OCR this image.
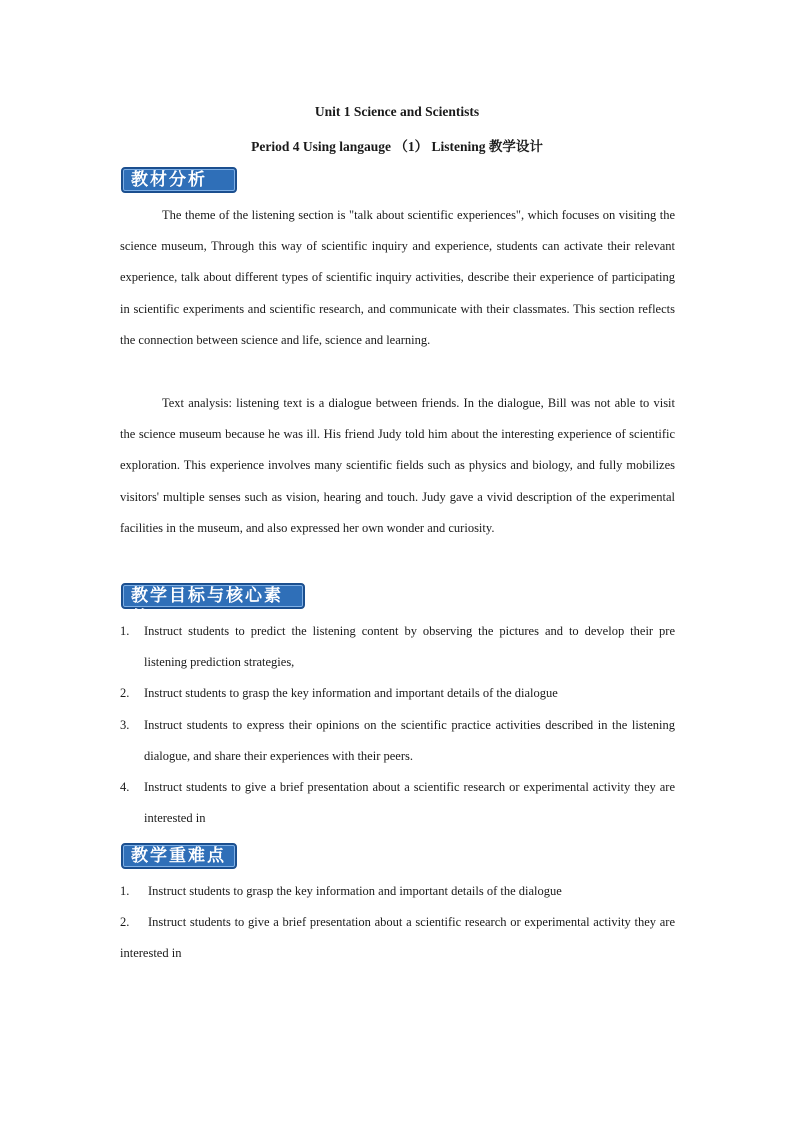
Unit 1 Science and Scientists
Period 4 Using langauge （1） Listening 教学设计
教材分析

The theme of the listening section is "talk about scientific experiences", which focuses on visiting the science museum, Through this way of scientific inquiry and experience, students can activate their relevant experience, talk about different types of scientific inquiry activities, describe their experience of participating in scientific experiments and scientific research, and communicate with their classmates. This section reflects the connection between science and life, science and learning.

Text analysis: listening text is a dialogue between friends. In the dialogue, Bill was not able to visit the science museum because he was ill. His friend Judy told him about the interesting experience of scientific exploration. This experience involves many scientific fields such as physics and biology, and fully mobilizes visitors' multiple senses such as vision, hearing and touch. Judy gave a vivid description of the experimental facilities in the museum, and also expressed her own wonder and curiosity.

教学目标与核心素养
1. Instruct students to predict the listening content by observing the pictures and to develop their pre listening prediction strategies,
2. Instruct students to grasp the key information and important details of the dialogue
3. Instruct students to express their opinions on the scientific practice activities described in the listening dialogue, and share their experiences with their peers.
4. Instruct students to give a brief presentation about a scientific research or experimental activity they are interested in
教学重难点
1. Instruct students to grasp the key information and important details of the dialogue
2. Instruct students to give a brief presentation about a scientific research or experimental activity they are interested in
